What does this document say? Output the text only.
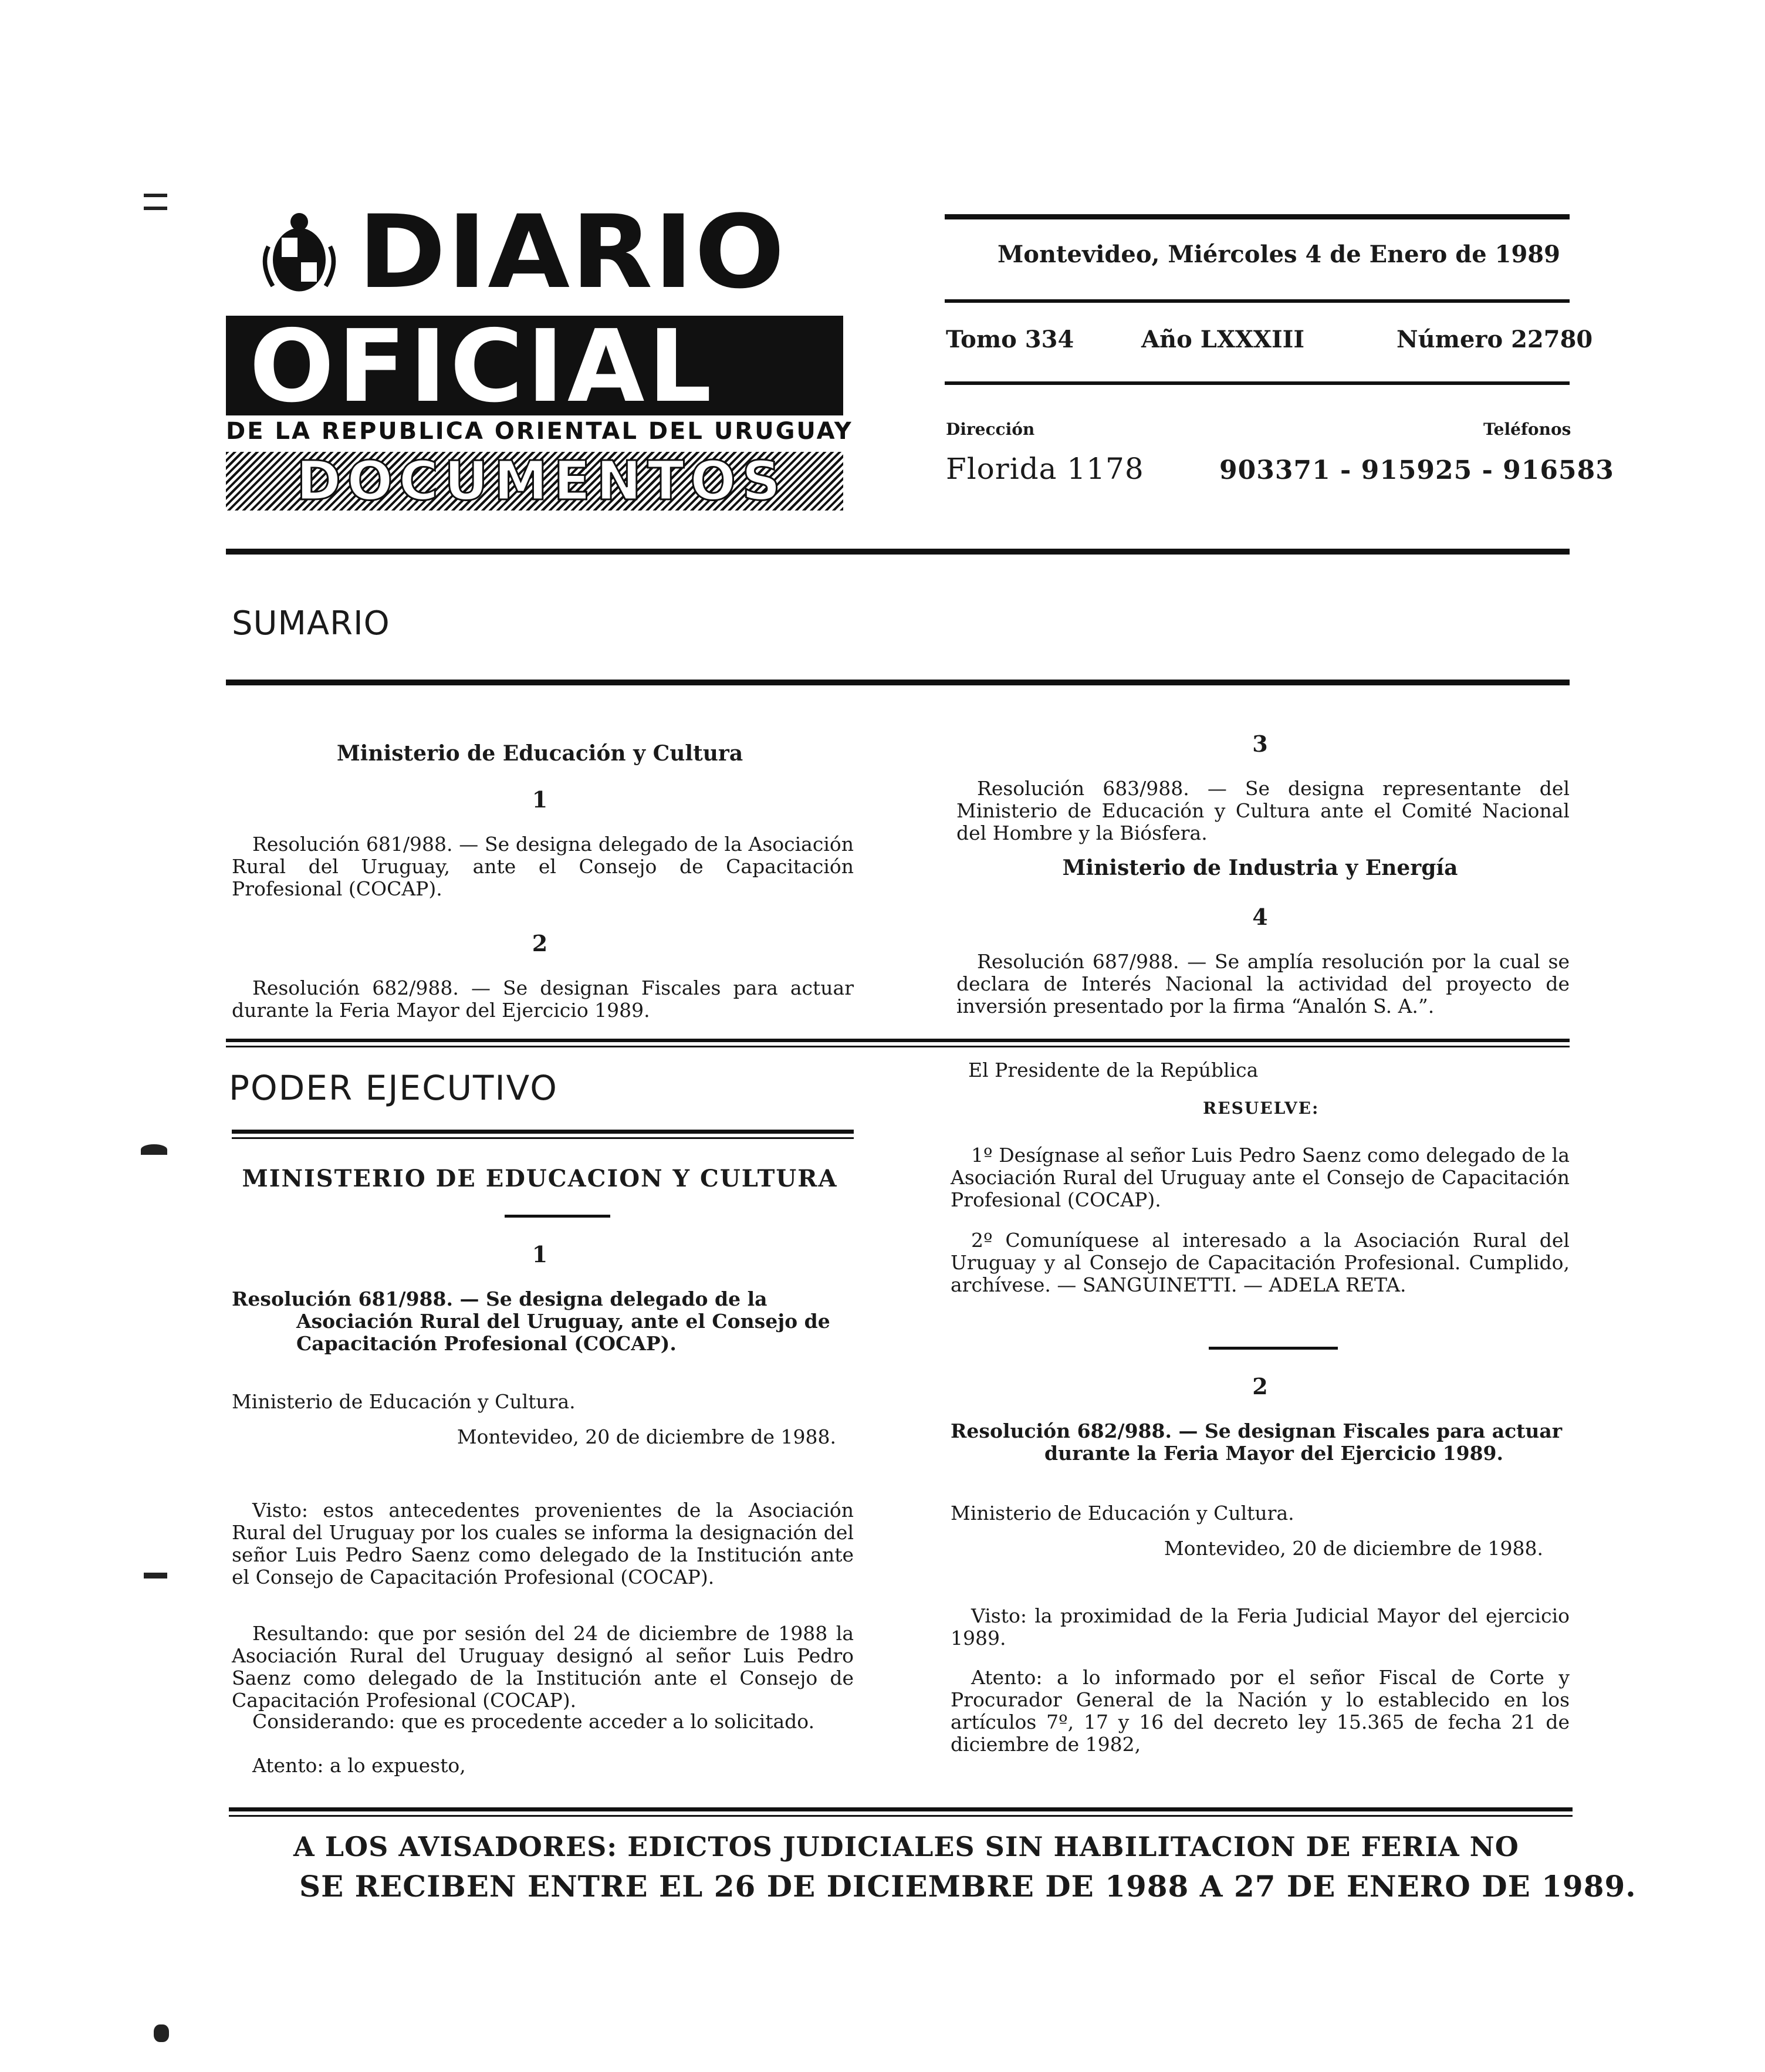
DIARIO
OFICIAL
DE LA REPUBLICA ORIENTAL DEL URUGUAY
DOCUMENTOS
Montevideo, Miércoles 4 de Enero de 1989
Tomo 334	Año LXXXIII	Número 22780
Dirección	Teléfonos
Florida 1178	903371 - 915925 - 916583
SUMARIO
Ministerio de Educación y Cultura
1
Resolución 681/988. — Se designa delegado de la Asociación Rural del Uruguay, ante el Consejo de Capacitación Profesional (COCAP).
2
Resolución 682/988. — Se designan Fiscales para actuar durante la Feria Mayor del Ejercicio 1989.
3
Resolución 683/988. — Se designa representante del Ministerio de Educación y Cultura ante el Comité Nacional del Hombre y la Biósfera.
Ministerio de Industria y Energía
4
Resolución 687/988. — Se amplía resolución por la cual se declara de Interés Nacional la actividad del proyecto de inversión presentado por la firma “Analón S. A.”.
PODER EJECUTIVO
MINISTERIO DE EDUCACION Y CULTURA
1
Resolución 681/988. — Se designa delegado de la Asociación Rural del Uruguay, ante el Consejo de Capacitación Profesional (COCAP).
Ministerio de Educación y Cultura.
Montevideo, 20 de diciembre de 1988.
Visto: estos antecedentes provenientes de la Asociación Rural del Uruguay por los cuales se informa la designación del señor Luis Pedro Saenz como delegado de la Institución ante el Consejo de Capacitación Profesional (COCAP).
Resultando: que por sesión del 24 de diciembre de 1988 la Asociación Rural del Uruguay designó al señor Luis Pedro Saenz como delegado de la Institución ante el Consejo de Capacitación Profesional (COCAP).
Considerando: que es procedente acceder a lo solicitado.
Atento: a lo expuesto,
El Presidente de la República
RESUELVE:
1º Desígnase al señor Luis Pedro Saenz como delegado de la Asociación Rural del Uruguay ante el Consejo de Capacitación Profesional (COCAP).
2º Comuníquese al interesado a la Asociación Rural del Uruguay y al Consejo de Capacitación Profesional. Cumplido, archívese. — SANGUINETTI. — ADELA RETA.
2
Resolución 682/988. — Se designan Fiscales para actuar durante la Feria Mayor del Ejercicio 1989.
Ministerio de Educación y Cultura.
Montevideo, 20 de diciembre de 1988.
Visto: la proximidad de la Feria Judicial Mayor del ejercicio 1989.
Atento: a lo informado por el señor Fiscal de Corte y Procurador General de la Nación y lo establecido en los artículos 7º, 17 y 16 del decreto ley 15.365 de fecha 21 de diciembre de 1982,
A LOS AVISADORES: EDICTOS JUDICIALES SIN HABILITACION DE FERIA NO
SE RECIBEN ENTRE EL 26 DE DICIEMBRE DE 1988 A 27 DE ENERO DE 1989.
